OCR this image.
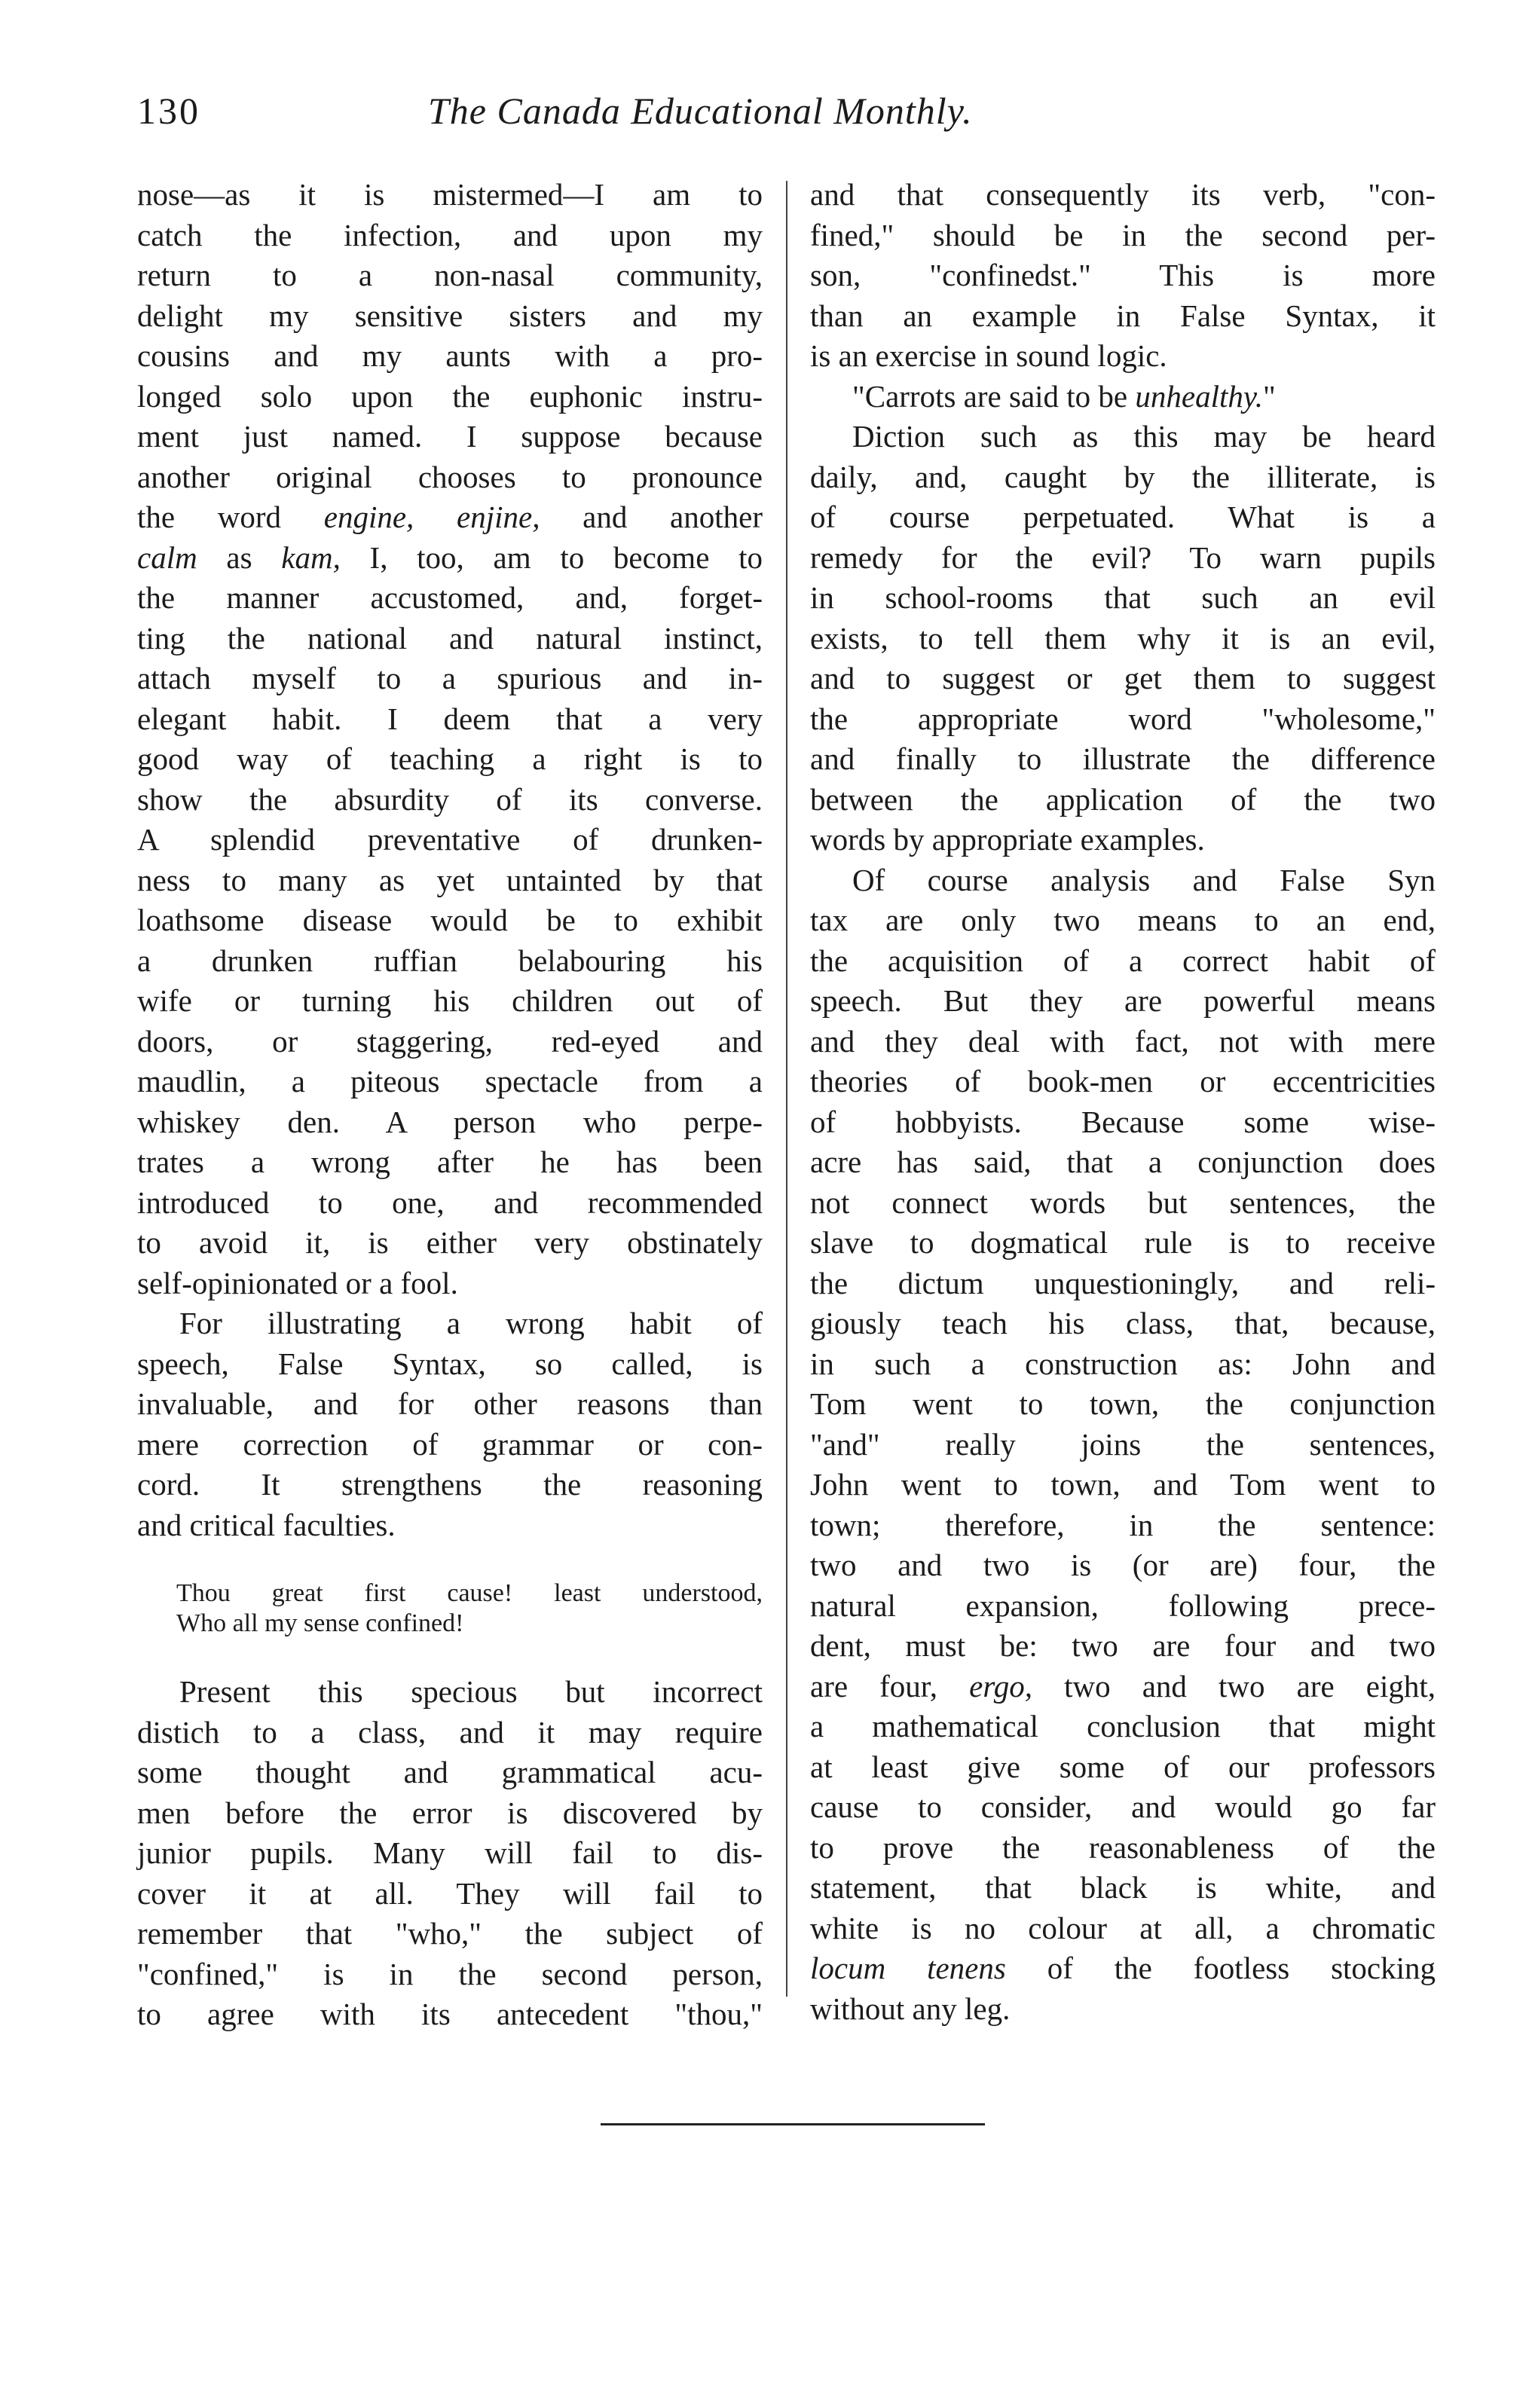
130	The Canada Educational Monthly.
nose—as it is mistermed—I am to
catch the infection, and upon my
return to a non-nasal community,
delight my sensitive sisters and my
cousins and my aunts with a pro-
longed solo upon the euphonic instru-
ment just named. I suppose because
another original chooses to pronounce
the word engine, enjine, and another
calm as kam, I, too, am to become to
the manner accustomed, and, forget-
ting the national and natural instinct,
attach myself to a spurious and in-
elegant habit. I deem that a very
good way of teaching a right is to
show the absurdity of its converse.
A splendid preventative of drunken-
ness to many as yet untainted by that
loathsome disease would be to exhibit
a drunken ruffian belabouring his
wife or turning his children out of
doors, or staggering, red-eyed and
maudlin, a piteous spectacle from a
whiskey den. A person who perpe-
trates a wrong after he has been
introduced to one, and recommended
to avoid it, is either very obstinately
self-opinionated or a fool.
For illustrating a wrong habit of
speech, False Syntax, so called, is
invaluable, and for other reasons than
mere correction of grammar or con-
cord. It strengthens the reasoning
and critical faculties.
Thou great first cause! least understood,
Who all my sense confined!
Present this specious but incorrect
distich to a class, and it may require
some thought and grammatical acu-
men before the error is discovered by
junior pupils. Many will fail to dis-
cover it at all. They will fail to
remember that "who," the subject of
"confined," is in the second person,
to agree with its antecedent "thou,"
and that consequently its verb, "con-
fined," should be in the second per-
son, "confinedst." This is more
than an example in False Syntax, it
is an exercise in sound logic.
"Carrots are said to be unhealthy."
Diction such as this may be heard
daily, and, caught by the illiterate, is
of course perpetuated. What is a
remedy for the evil? To warn pupils
in school-rooms that such an evil
exists, to tell them why it is an evil,
and to suggest or get them to suggest
the appropriate word "wholesome,"
and finally to illustrate the difference
between the application of the two
words by appropriate examples.
Of course analysis and False Syn
tax are only two means to an end,
the acquisition of a correct habit of
speech. But they are powerful means
and they deal with fact, not with mere
theories of book-men or eccentricities
of hobbyists. Because some wise-
acre has said, that a conjunction does
not connect words but sentences, the
slave to dogmatical rule is to receive
the dictum unquestioningly, and reli-
giously teach his class, that, because,
in such a construction as: John and
Tom went to town, the conjunction
"and" really joins the sentences,
John went to town, and Tom went to
town; therefore, in the sentence:
two and two is (or are) four, the
natural expansion, following prece-
dent, must be: two are four and two
are four, ergo, two and two are eight,
a mathematical conclusion that might
at least give some of our professors
cause to consider, and would go far
to prove the reasonableness of the
statement, that black is white, and
white is no colour at all, a chromatic
locum tenens of the footless stocking
without any leg.
